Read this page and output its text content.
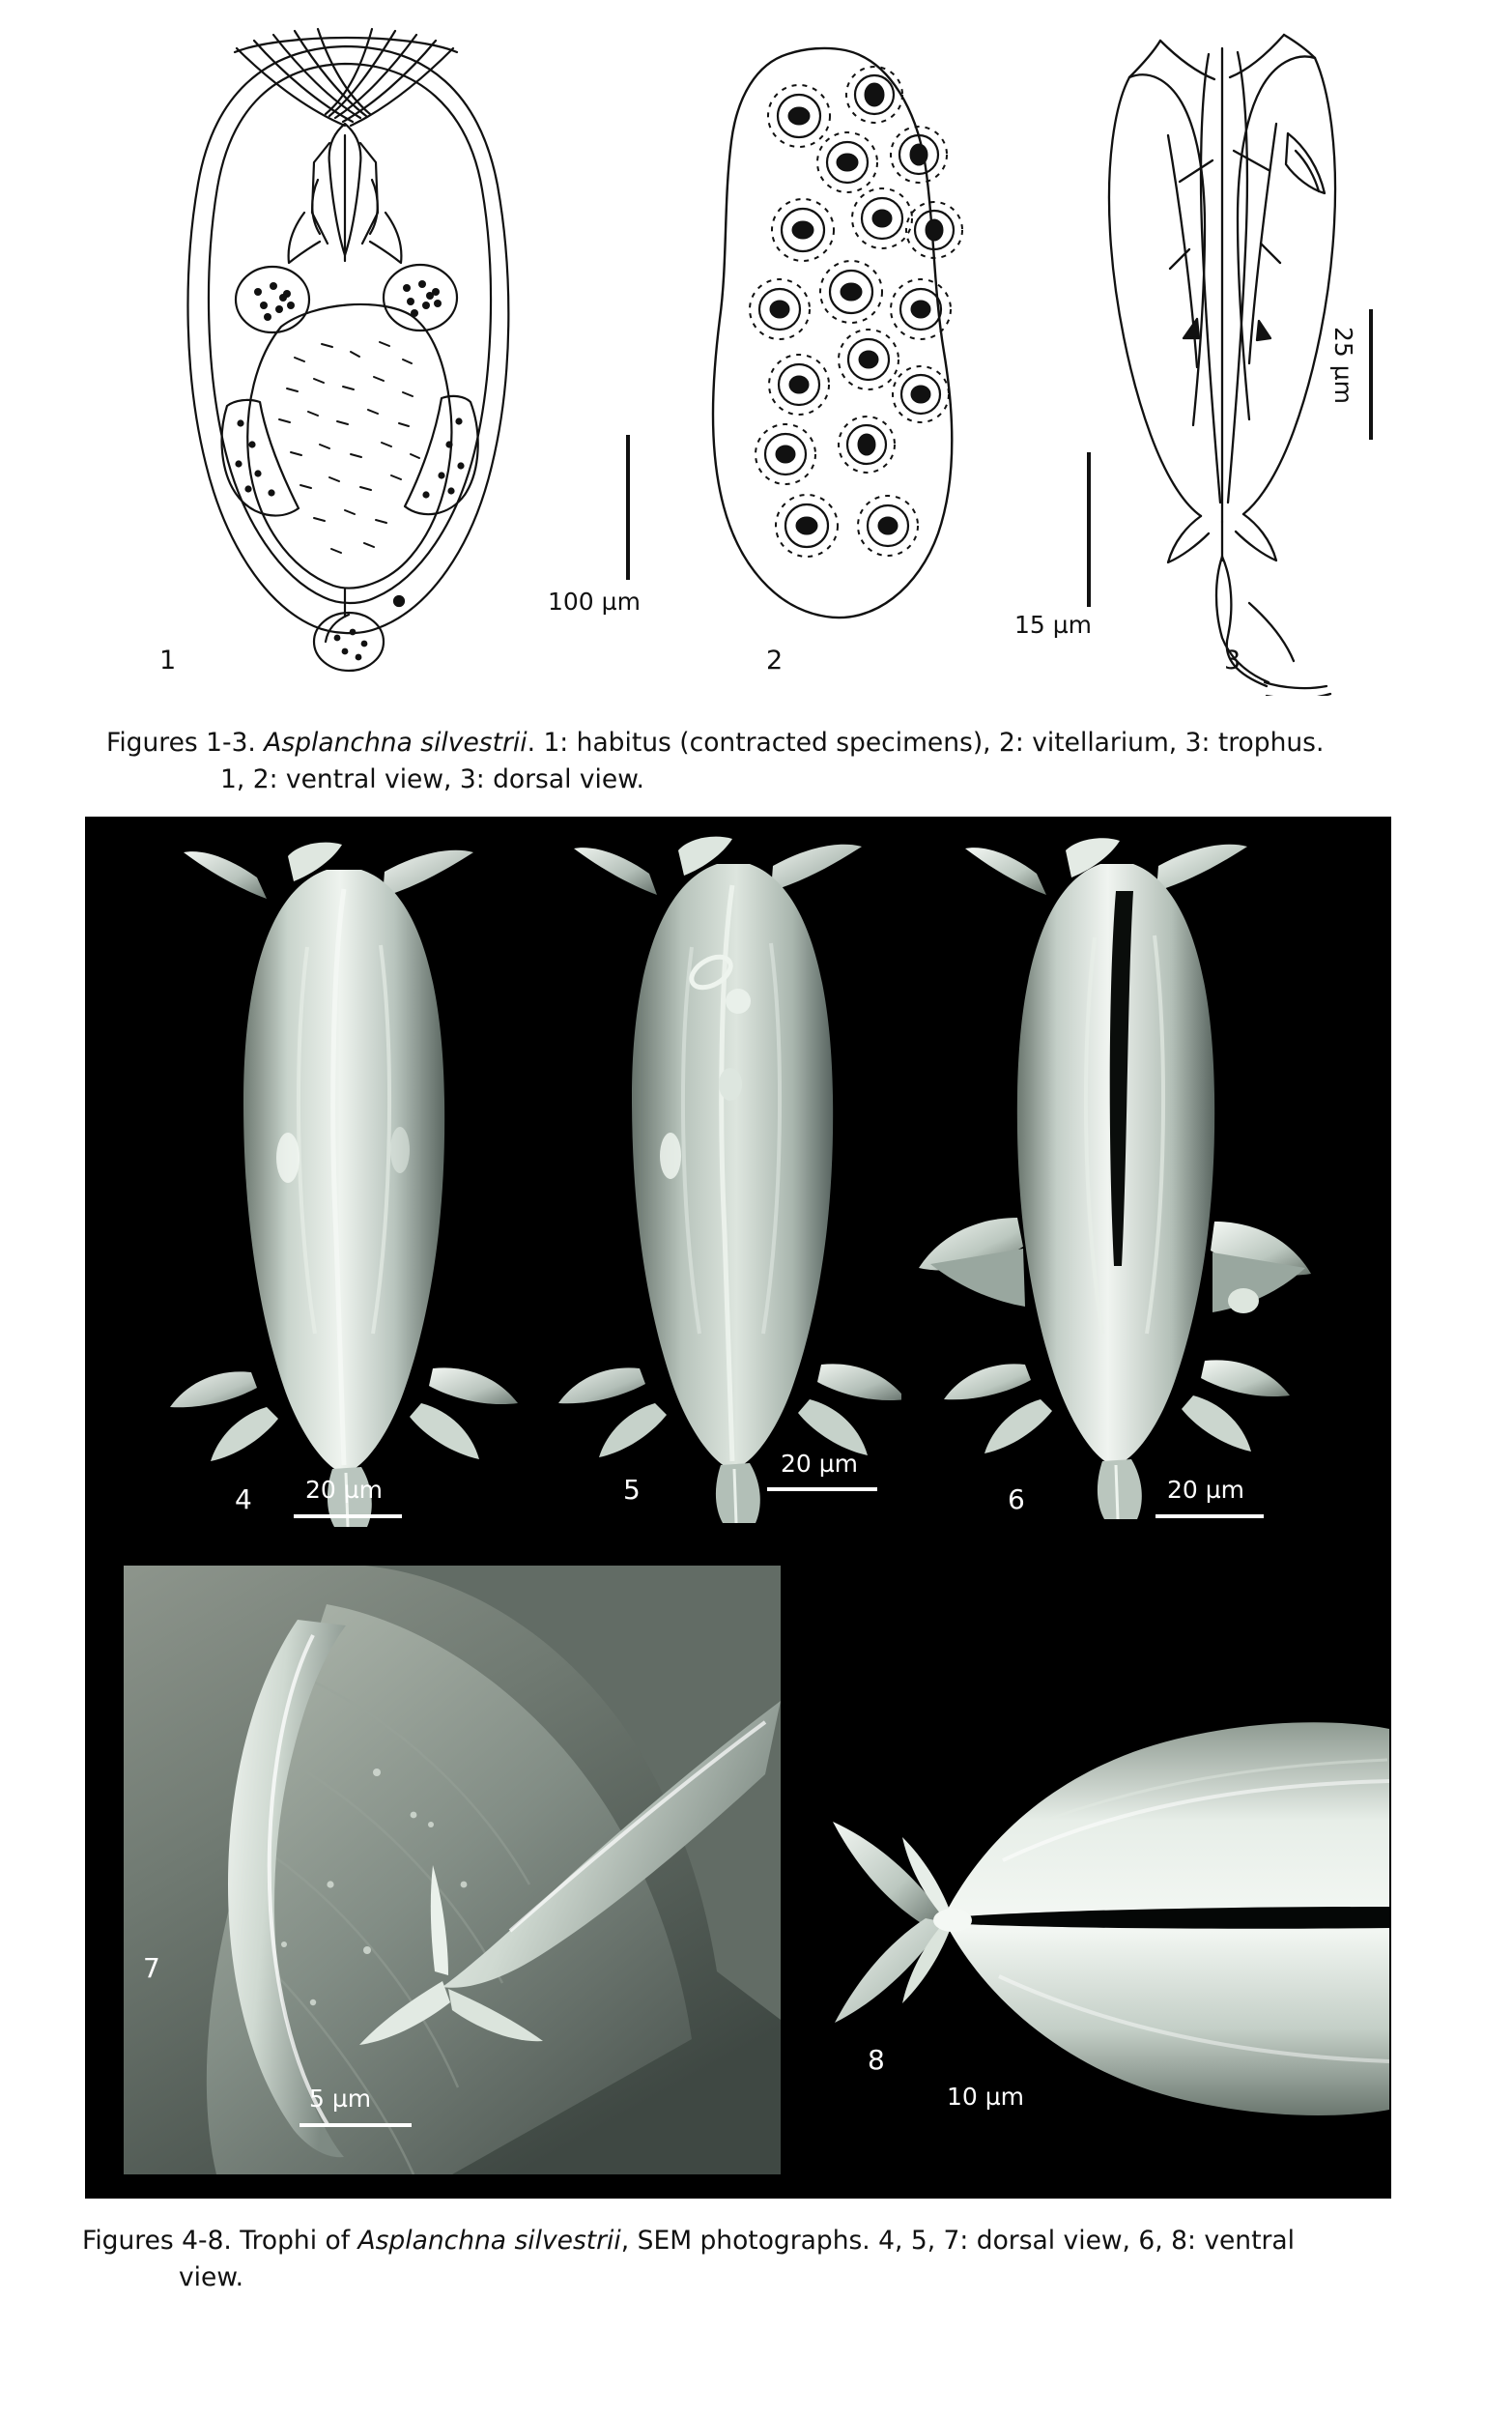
1
100 µm
2
15 µm
3
25 µm
Figures 1-3. Asplanchna silvestrii. 1: habitus (contracted specimens), 2: vitellarium, 3: trophus.
1, 2: ventral view, 3: dorsal view.
4 20 µm	5
20 µm
6	20 µm
7
5 µm
8
10 µm
Figures 4-8. Trophi of Asplanchna silvestrii, SEM photographs. 4, 5, 7: dorsal view, 6, 8: ventral
view.
